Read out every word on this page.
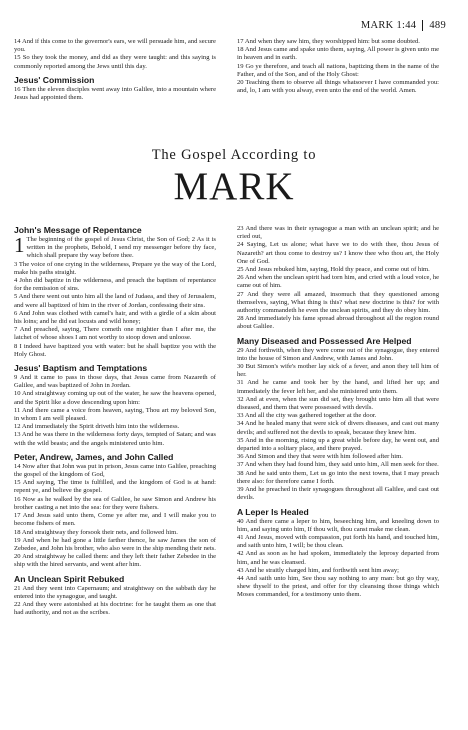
MARK 1:44 489

14 And if this come to the governor's ears, we will persuade him, and secure you.

15 So they took the money, and did as they were taught: and this saying is commonly reported among the Jews until this day.

Jesus' Commission

16 Then the eleven disciples went away into Galilee, into a mountain where Jesus had appointed them.

17 And when they saw him, they worshipped him: but some doubted.

18 And Jesus came and spake unto them, saying, All power is given unto me in heaven and in earth.

19 Go ye therefore, and teach all nations, baptizing them in the name of the Father, and of the Son, and of the Holy Ghost:

20 Teaching them to observe all things whatsoever I have commanded you: and, lo, I am with you alway, even unto the end of the world. Amen.

The Gospel According to
MARK
John's Message of Repentance

1 The beginning of the gospel of Jesus Christ, the Son of God; 2 As it is written in the prophets, Behold, I send my messenger before thy face, which shall prepare thy way before thee.

3 The voice of one crying in the wilderness, Prepare ye the way of the Lord, make his paths straight.

4 John did baptize in the wilderness, and preach the baptism of repentance for the remission of sins.

5 And there went out unto him all the land of Judaea, and they of Jerusalem, and were all baptized of him in the river of Jordan, confessing their sins.

6 And John was clothed with camel's hair, and with a girdle of a skin about his loins; and he did eat locusts and wild honey;

7 And preached, saying, There cometh one mightier than I after me, the latchet of whose shoes I am not worthy to stoop down and unloose.

8 I indeed have baptized you with water: but he shall baptize you with the Holy Ghost.

Jesus' Baptism and Temptations

9 And it came to pass in those days, that Jesus came from Nazareth of Galilee, and was baptized of John in Jordan.

10 And straightway coming up out of the water, he saw the heavens opened, and the Spirit like a dove descending upon him:

11 And there came a voice from heaven, saying, Thou art my beloved Son, in whom I am well pleased.

12 And immediately the Spirit driveth him into the wilderness.

13 And he was there in the wilderness forty days, tempted of Satan; and was with the wild beasts; and the angels ministered unto him.

Peter, Andrew, James, and John Called

14 Now after that John was put in prison, Jesus came into Galilee, preaching the gospel of the kingdom of God,

15 And saying, The time is fulfilled, and the kingdom of God is at hand: repent ye, and believe the gospel.

16 Now as he walked by the sea of Galilee, he saw Simon and Andrew his brother casting a net into the sea: for they were fishers.

17 And Jesus said unto them, Come ye after me, and I will make you to become fishers of men.

18 And straightway they forsook their nets, and followed him.

19 And when he had gone a little farther thence, he saw James the son of Zebedee, and John his brother, who also were in the ship mending their nets.

20 And straightway he called them: and they left their father Zebedee in the ship with the hired servants, and went after him.

An Unclean Spirit Rebuked

21 And they went into Capernaum; and straightway on the sabbath day he entered into the synagogue, and taught.

22 And they were astonished at his doctrine: for he taught them as one that had authority, and not as the scribes.

23 And there was in their synagogue a man with an unclean spirit; and he cried out,

24 Saying, Let us alone; what have we to do with thee, thou Jesus of Nazareth? art thou come to destroy us? I know thee who thou art, the Holy One of God.

25 And Jesus rebuked him, saying, Hold thy peace, and come out of him.

26 And when the unclean spirit had torn him, and cried with a loud voice, he came out of him.

27 And they were all amazed, insomuch that they questioned among themselves, saying, What thing is this? what new doctrine is this? for with authority commandeth he even the unclean spirits, and they do obey him.

28 And immediately his fame spread abroad throughout all the region round about Galilee.

Many Diseased and Possessed Are Helped

29 And forthwith, when they were come out of the synagogue, they entered into the house of Simon and Andrew, with James and John.

30 But Simon's wife's mother lay sick of a fever, and anon they tell him of her.

31 And he came and took her by the hand, and lifted her up; and immediately the fever left her, and she ministered unto them.

32 And at even, when the sun did set, they brought unto him all that were diseased, and them that were possessed with devils.

33 And all the city was gathered together at the door.

34 And he healed many that were sick of divers diseases, and cast out many devils; and suffered not the devils to speak, because they knew him.

35 And in the morning, rising up a great while before day, he went out, and departed into a solitary place, and there prayed.

36 And Simon and they that were with him followed after him.

37 And when they had found him, they said unto him, All men seek for thee.

38 And he said unto them, Let us go into the next towns, that I may preach there also: for therefore came I forth.

39 And he preached in their synagogues throughout all Galilee, and cast out devils.

A Leper Is Healed

40 And there came a leper to him, beseeching him, and kneeling down to him, and saying unto him, If thou wilt, thou canst make me clean.

41 And Jesus, moved with compassion, put forth his hand, and touched him, and saith unto him, I will; be thou clean.

42 And as soon as he had spoken, immediately the leprosy departed from him, and he was cleansed.

43 And he straitly charged him, and forthwith sent him away;

44 And saith unto him, See thou say nothing to any man: but go thy way, shew thyself to the priest, and offer for thy cleansing those things which Moses commanded, for a testimony unto them.
